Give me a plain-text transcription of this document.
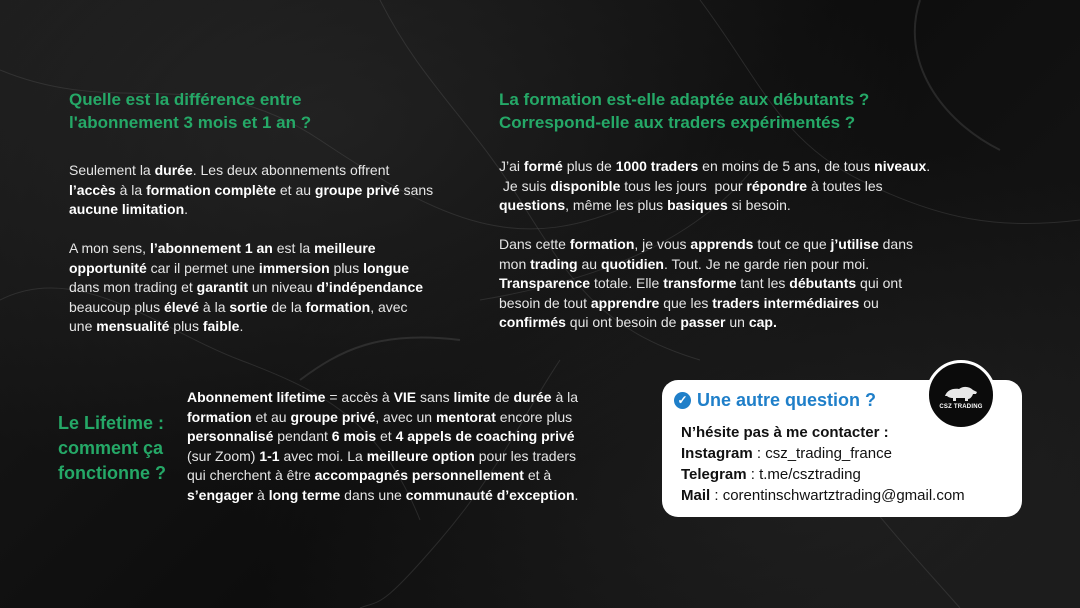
Quelle est la différence entre
l'abonnement 3 mois et 1 an ?
Seulement la durée. Les deux abonnements offrent
l’accès à la formation complète et au groupe privé sans
aucune limitation.
A mon sens, l’abonnement 1 an est la meilleure
opportunité car il permet une immersion plus longue
dans mon trading et garantit un niveau d’indépendance
beaucoup plus élevé à la sortie de la formation, avec
une mensualité plus faible.
La formation est-elle adaptée aux débutants ?
Correspond-elle aux traders expérimentés ?
J’ai formé plus de 1000 traders en moins de 5 ans, de tous niveaux.
Je suis disponible tous les jours  pour répondre à toutes les
questions, même les plus basiques si besoin.
Dans cette formation, je vous apprends tout ce que j’utilise dans
mon trading au quotidien. Tout. Je ne garde rien pour moi.
Transparence totale. Elle transforme tant les débutants qui ont
besoin de tout apprendre que les traders intermédiaires ou
confirmés qui ont besoin de passer un cap.
Le Lifetime :
comment ça
fonctionne ?
Abonnement lifetime = accès à VIE sans limite de durée à la
formation et au groupe privé, avec un mentorat encore plus
personnalisé pendant 6 mois et 4 appels de coaching privé
(sur Zoom) 1-1 avec moi. La meilleure option pour les traders
qui cherchent à être accompagnés personnellement et à
s’engager à long terme dans une communauté d’exception.
✓ Une autre question ?
N’hésite pas à me contacter :
Instagram : csz_trading_france
Telegram : t.me/csztrading
Mail : corentinschwartztrading@gmail.com
CSZ TRADING
